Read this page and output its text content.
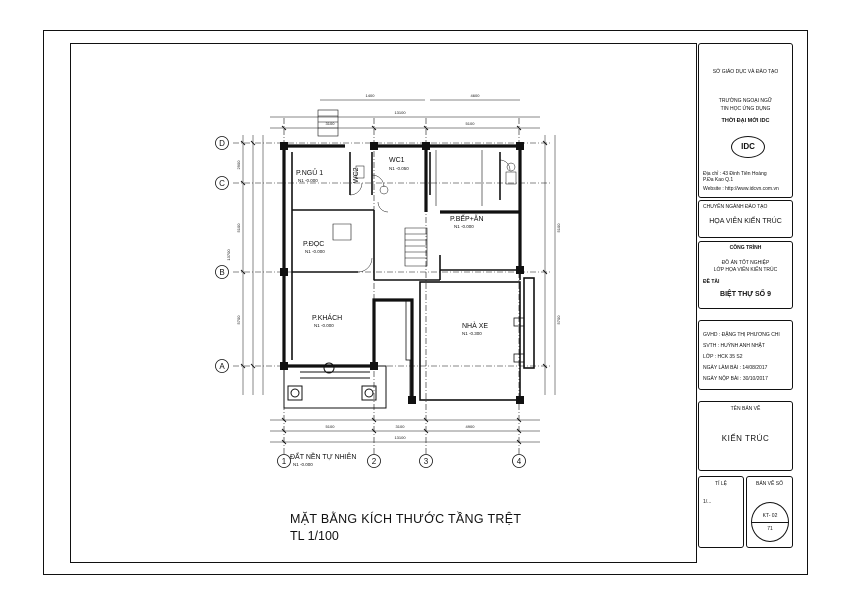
D
C
B
A
1	2	3	4
13100
3100	5100
1400	4600
5100	3100	4900
13100
2900
5100
5700
13700
5100
5700
P.NGỦ 1
N1 -0.000
WC1
N1 -0.050
WC2
P.ĐỌC
N1 -0.000
P.BẾP+ĂN
N1 -0.000
P.KHÁCH
N1 -0.000	NHÀ XE
N1 -0.300
ĐẤT NỀN TỰ NHIÊN
N1 -0.000
MẶT BẰNG KÍCH THƯỚC TẦNG TRỆT
TL 1/100
SỞ GIÁO DỤC VÀ ĐÀO TẠO
TRƯỜNG NGOẠI NGỮ
TIN HỌC ỨNG DỤNG
THỜI ĐẠI MỚI IDC
IDC
Địa chỉ : 43 Đinh Tiên Hoàng
P.Đa Kao Q.1
Website : http://www.idcvn.com.vn
CHUYÊN NGÀNH ĐÀO TẠO
HỌA VIÊN KIẾN TRÚC
CÔNG TRÌNH
ĐỒ ÁN TỐT NGHIỆP
LỚP HỌA VIÊN KIẾN TRÚC
ĐỀ TÀI
BIỆT THỰ SỐ 9
GVHD : ĐẶNG THỊ PHƯƠNG CHI
SVTH : HUỲNH ANH NHẬT
LỚP : HCK 35 S2
NGÀY LÀM BÀI : 14/08/2017
NGÀY NỘP BÀI : 30/10/2017
TÊN BẢN VẼ
KIẾN TRÚC
TỈ LỆ
1/...
BẢN VẼ SỐ
KT- 02
71
